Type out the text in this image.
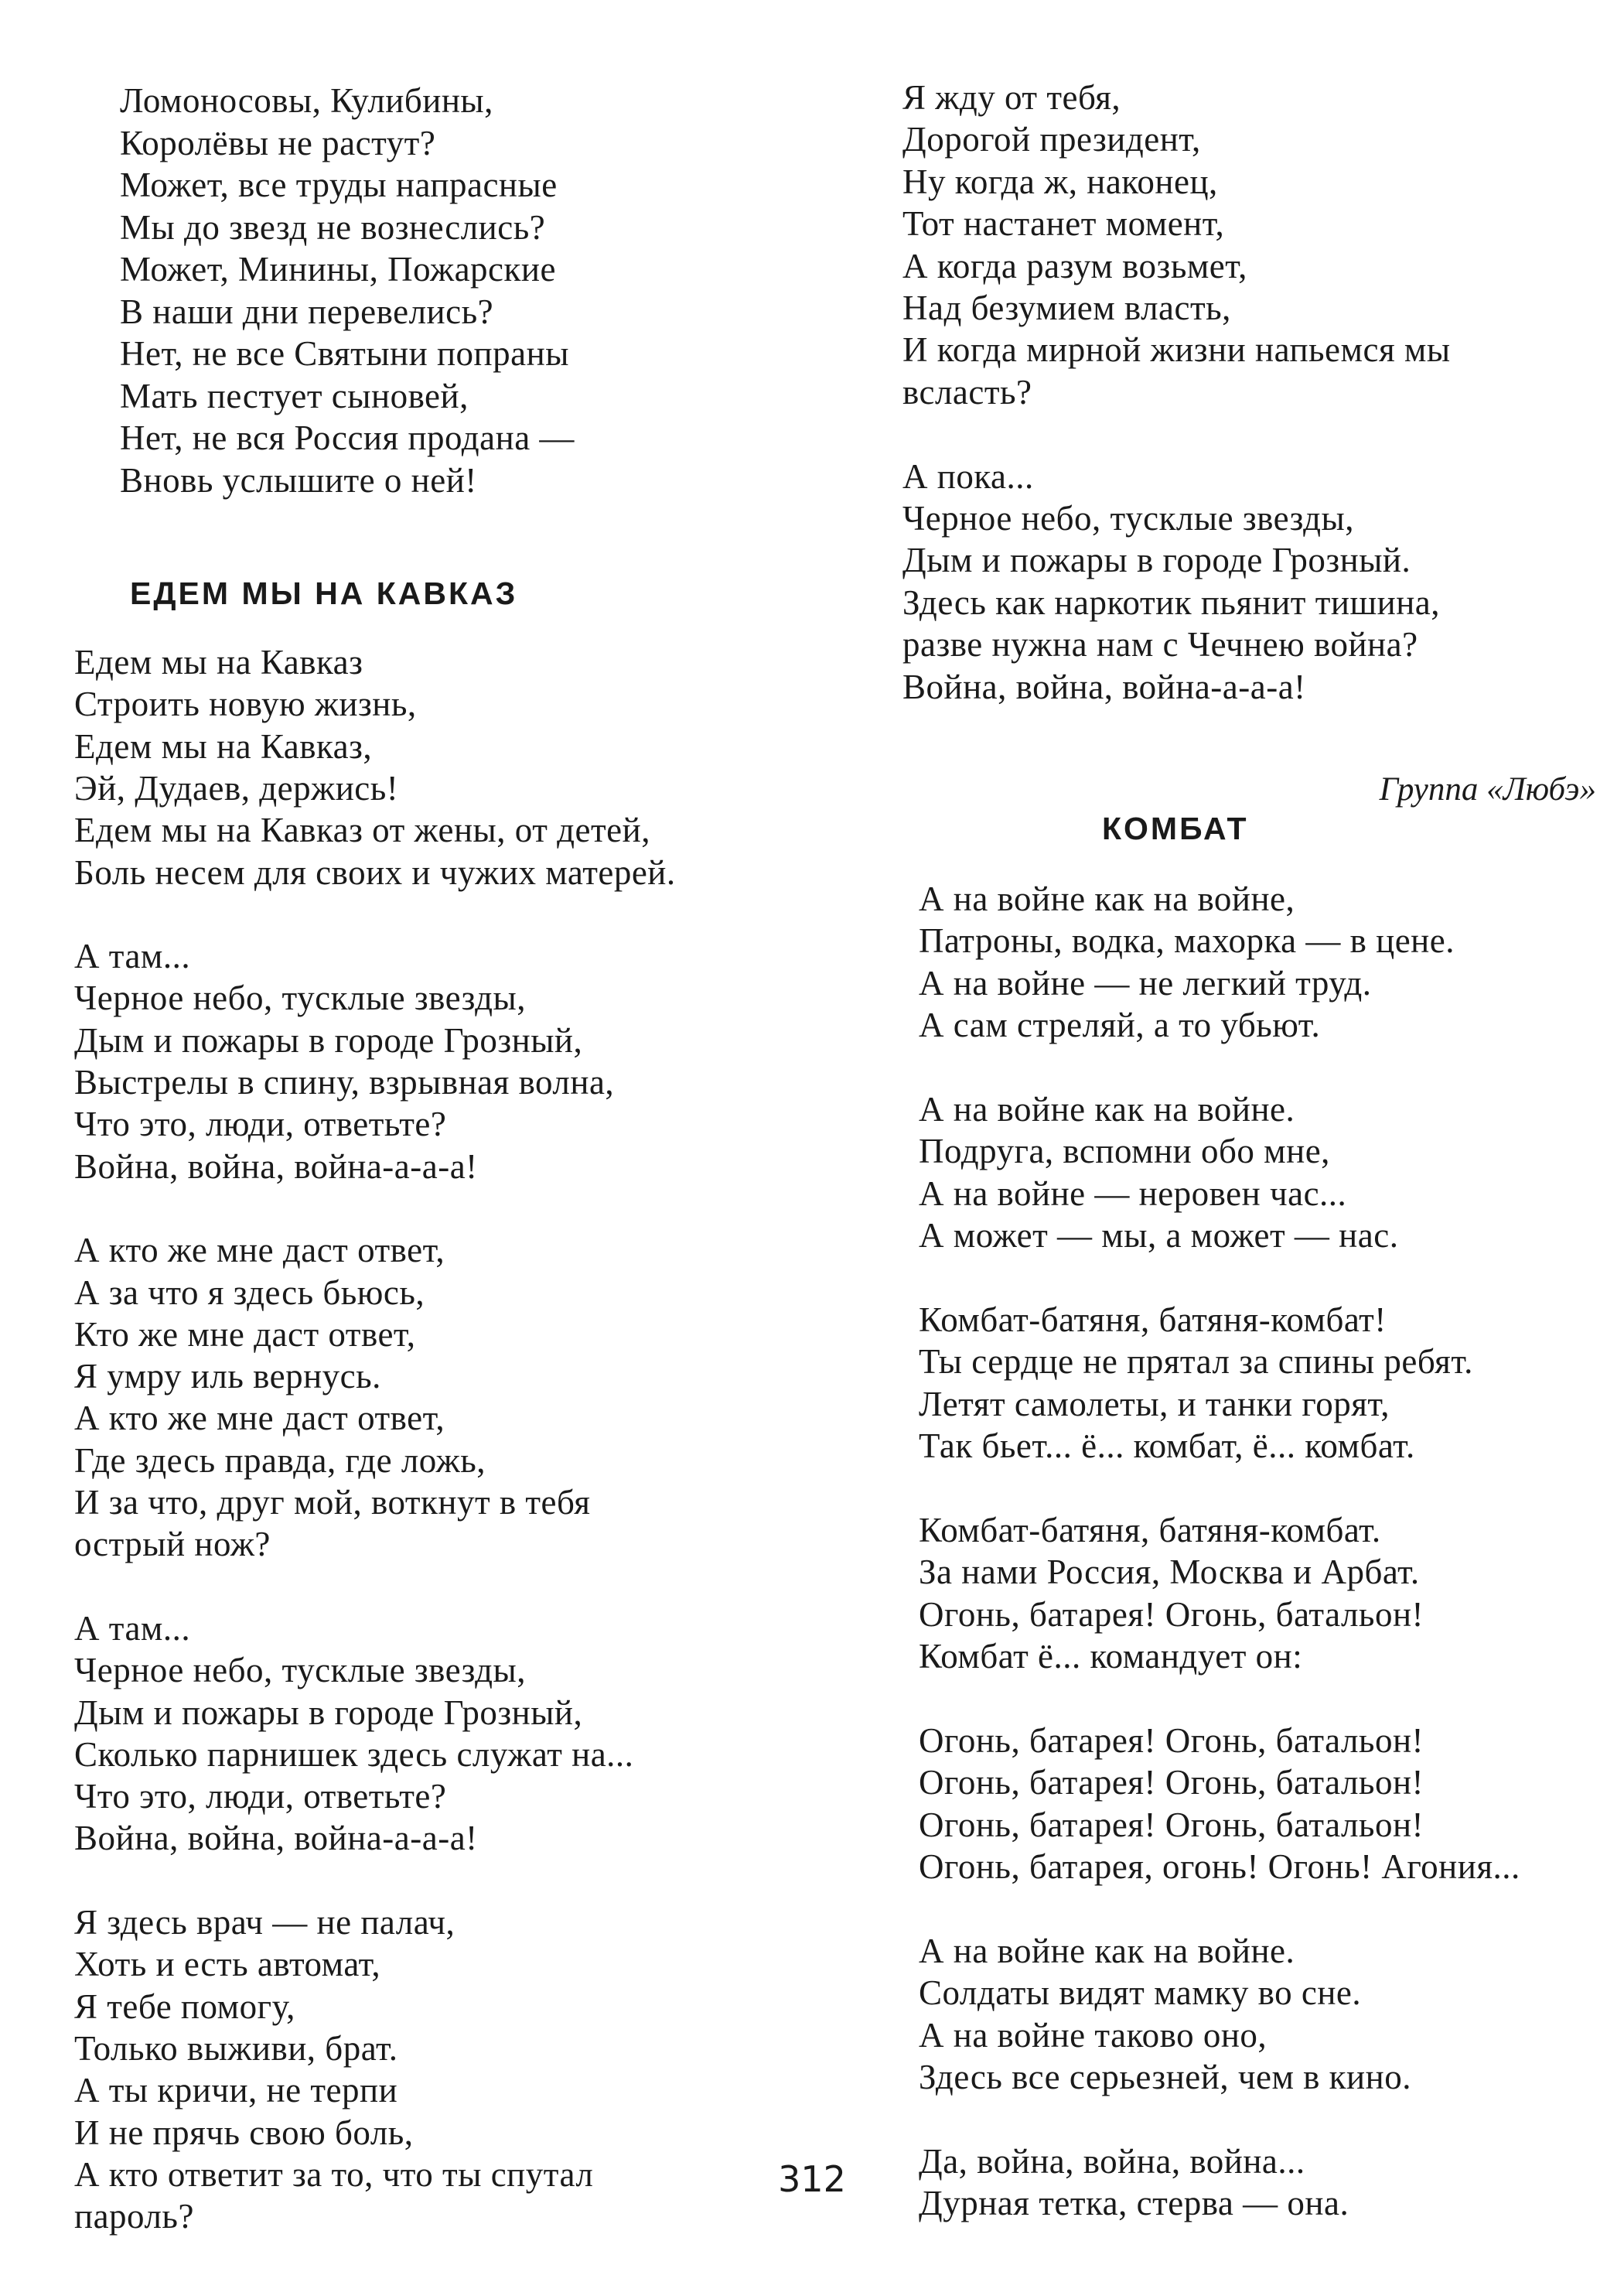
Ломоносовы, Кулибины,
Королёвы не растут?
Может, все труды напрасные
Мы до звезд не вознеслись?
Может, Минины, Пожарские
В наши дни перевелись?
Нет, не все Святыни попраны
Мать пестует сыновей,
Нет, не вся Россия продана —
Вновь услышите о ней!
ЕДЕМ МЫ НА КАВКАЗ
Едем мы на Кавказ
Строить новую жизнь,
Едем мы на Кавказ,
Эй, Дудаев, держись!
Едем мы на Кавказ от жены, от детей,
Боль несем для своих и чужих матерей.
А там...
Черное небо, тусклые звезды,
Дым и пожары в городе Грозный,
Выстрелы в спину, взрывная волна,
Что это, люди, ответьте?
Война, война, война-а-а-а!
А кто же мне даст ответ,
А за что я здесь бьюсь,
Кто же мне даст ответ,
Я умру иль вернусь.
А кто же мне даст ответ,
Где здесь правда, где ложь,
И за что, друг мой, воткнут в тебя
острый нож?
А там...
Черное небо, тусклые звезды,
Дым и пожары в городе Грозный,
Сколько парнишек здесь служат на...
Что это, люди, ответьте?
Война, война, война-а-а-а!
Я здесь врач — не палач,
Хоть и есть автомат,
Я тебе помогу,
Только выживи, брат.
А ты кричи, не терпи
И не прячь свою боль,
А кто ответит за то, что ты спутал
пароль?
Я жду от тебя,
Дорогой президент,
Ну когда ж, наконец,
Тот настанет момент,
А когда разум возьмет,
Над безумием власть,
И когда мирной жизни напьемся мы
всласть?
А пока...
Черное небо, тусклые звезды,
Дым и пожары в городе Грозный.
Здесь как наркотик пьянит тишина,
разве нужна нам с Чечнею война?
Война, война, война-а-а-а!
Группа «Любэ»
КОМБАТ
А на войне как на войне,
Патроны, водка, махорка — в цене.
А на войне — не легкий труд.
А сам стреляй, а то убьют.
А на войне как на войне.
Подруга, вспомни обо мне,
А на войне — неровен час...
А может — мы, а может — нас.
Комбат-батяня, батяня-комбат!
Ты сердце не прятал за спины ребят.
Летят самолеты, и танки горят,
Так бьет... ё... комбат, ё... комбат.
Комбат-батяня, батяня-комбат.
За нами Россия, Москва и Арбат.
Огонь, батарея! Огонь, батальон!
Комбат ё... командует он:
Огонь, батарея! Огонь, батальон!
Огонь, батарея! Огонь, батальон!
Огонь, батарея! Огонь, батальон!
Огонь, батарея, огонь! Огонь! Агония...
А на войне как на войне.
Солдаты видят мамку во сне.
А на войне таково оно,
Здесь все серьезней, чем в кино.
Да, война, война, война...
Дурная тетка, стерва — она.
312
